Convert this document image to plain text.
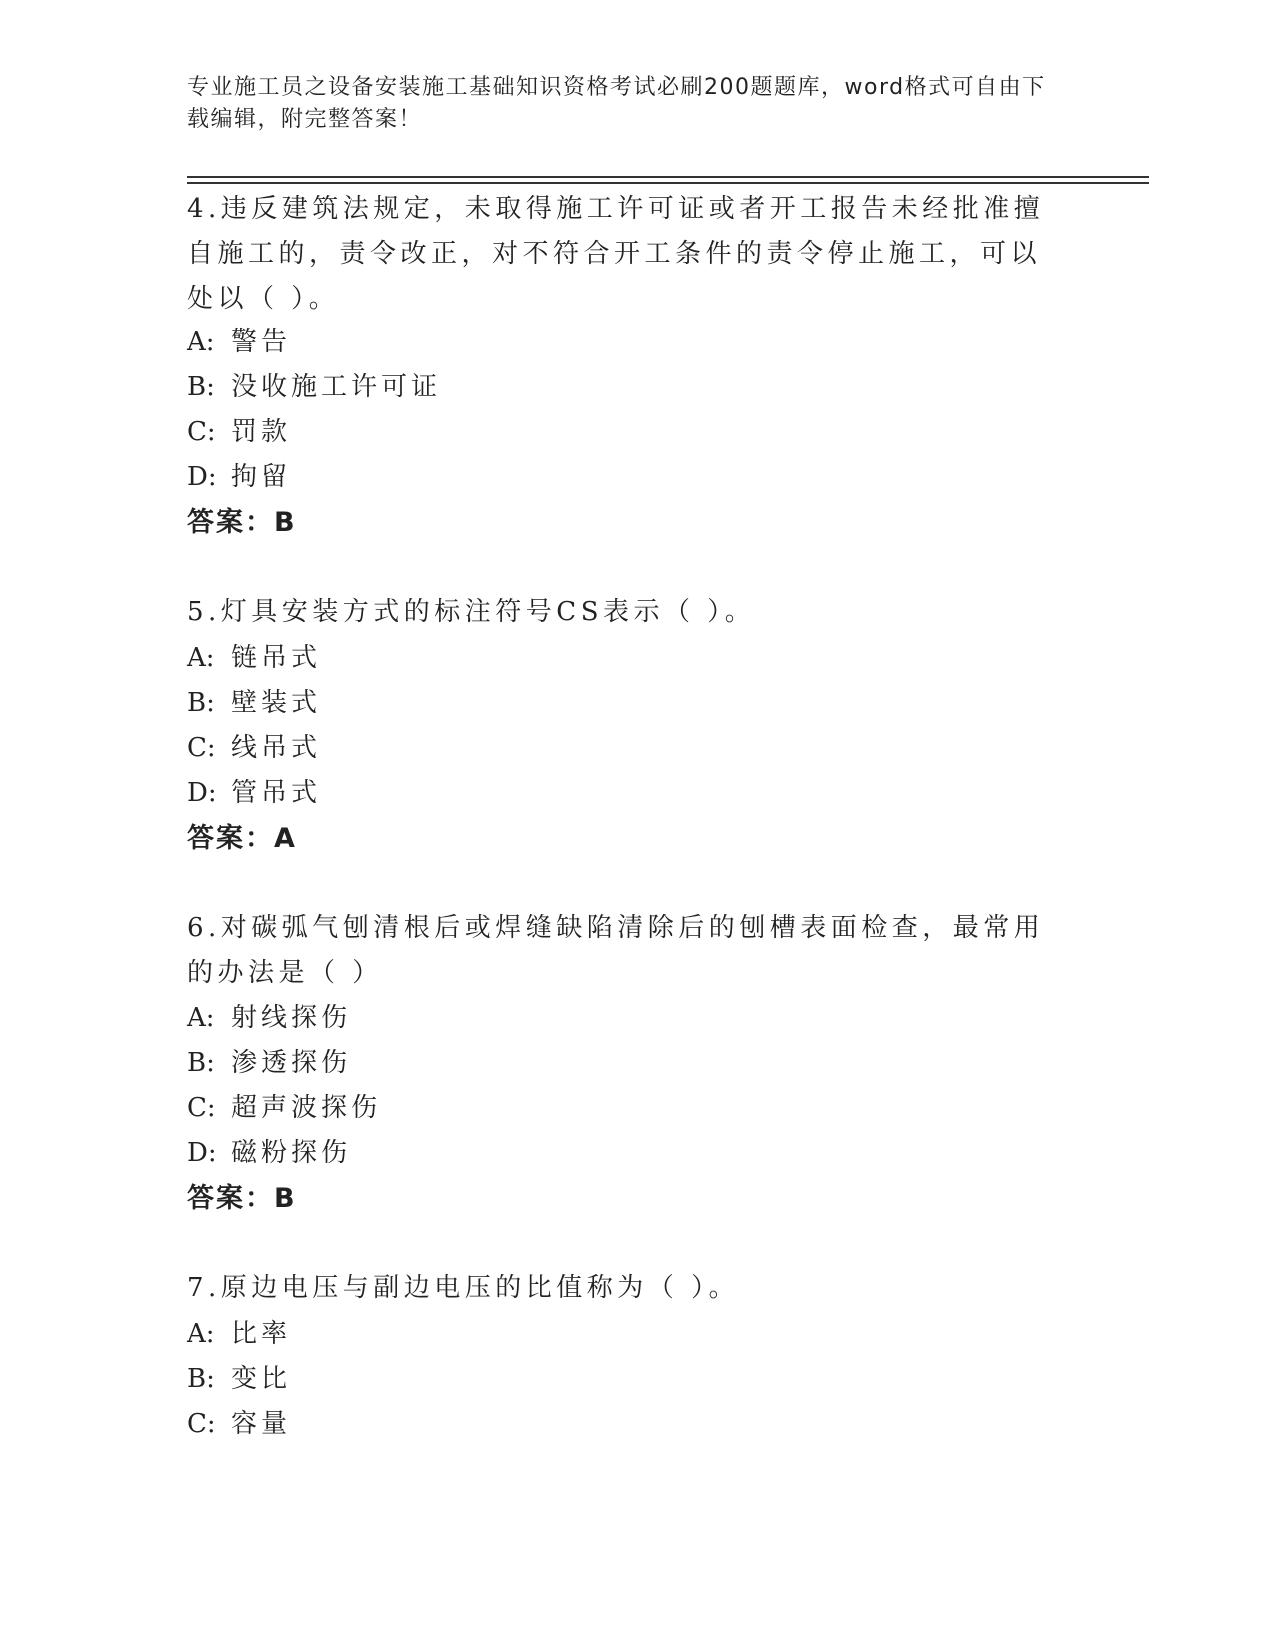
专业施工员之设备安装施工基础知识资格考试必刷200题题库，word格式可自由下载编辑，附完整答案！
4.违反建筑法规定，未取得施工许可证或者开工报告未经批准擅自施工的，责令改正，对不符合开工条件的责令停止施工，可以处以（ ）。
A: 警告
B: 没收施工许可证
C: 罚款
D: 拘留
答案：B
5.灯具安装方式的标注符号CS表示（ ）。
A: 链吊式
B: 壁装式
C: 线吊式
D: 管吊式
答案：A
6.对碳弧气刨清根后或焊缝缺陷清除后的刨槽表面检查，最常用的办法是（ ）
A: 射线探伤
B: 渗透探伤
C: 超声波探伤
D: 磁粉探伤
答案：B
7.原边电压与副边电压的比值称为（ ）。
A: 比率
B: 变比
C: 容量
